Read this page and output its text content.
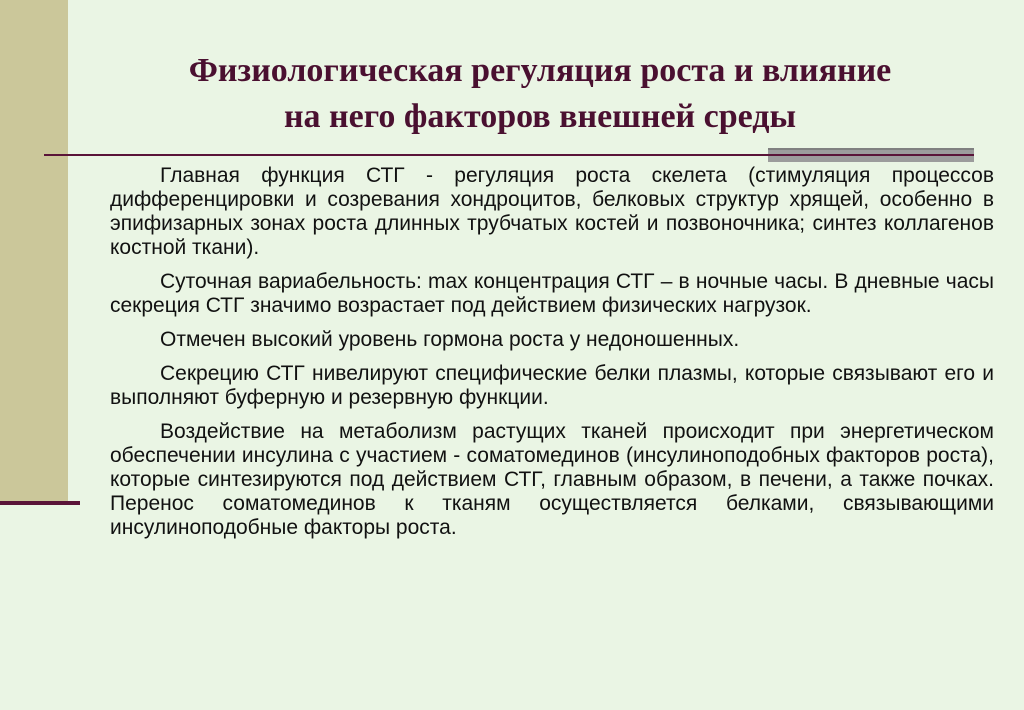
Физиологическая регуляция роста и влияние
на него факторов внешней среды

Главная функция СТГ - регуляция роста скелета (стимуляция процессов дифференцировки и созревания хондроцитов, белковых структур хрящей, особенно в эпифизарных зонах роста длинных трубчатых костей и позвоночника; синтез коллагенов костной ткани).

Суточная вариабельность: max концентрация СТГ – в ночные часы. В дневные часы секреция СТГ значимо возрастает под действием физических нагрузок.

Отмечен высокий уровень гормона роста у недоношенных.

Секрецию СТГ нивелируют специфические белки плазмы, которые связывают его и выполняют буферную и резервную функции.

Воздействие на метаболизм растущих тканей происходит при энергетическом обеспечении инсулина с участием - соматомединов (инсулиноподобных факторов роста), которые синтезируются под действием СТГ, главным образом, в печени, а также почках. Перенос соматомединов к тканям осуществляется белками, связывающими инсулиноподобные факторы роста.
